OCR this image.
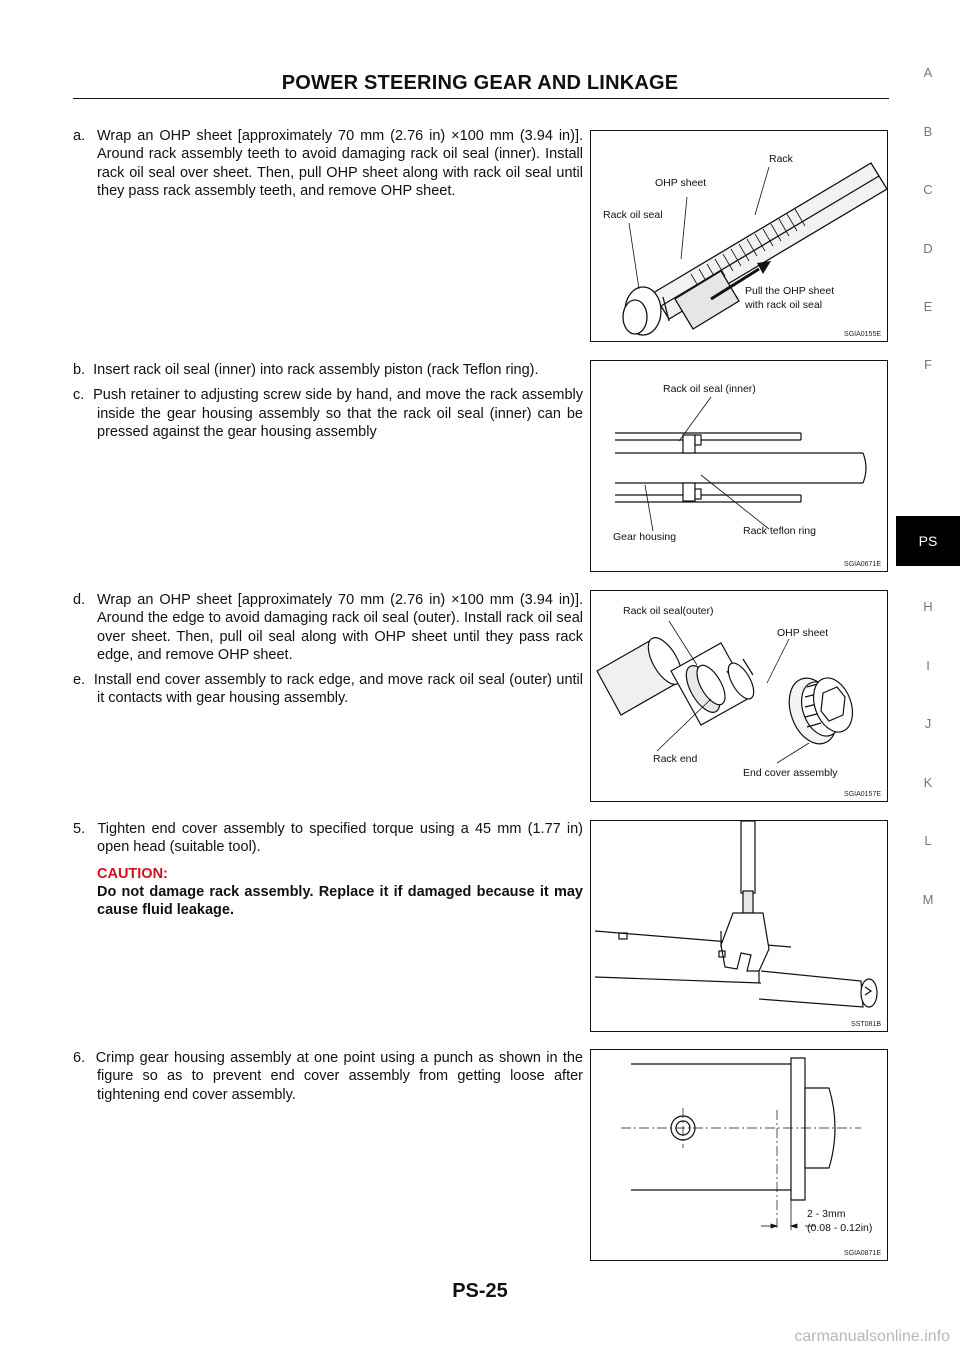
POWER STEERING GEAR AND LINKAGE	A
B
C
D
E
F
PS
H
I
J
K
L
M

a. Wrap an OHP sheet [approximately 70 mm (2.76 in) ×100 mm (3.94 in)]. Around rack assembly teeth to avoid damaging rack oil seal (inner). Install rack oil seal over sheet. Then, pull OHP sheet along with rack oil seal until they pass rack assembly teeth, and remove OHP sheet.

b. Insert rack oil seal (inner) into rack assembly piston (rack Teflon ring).

c. Push retainer to adjusting screw side by hand, and move the rack assembly inside the gear housing assembly so that the rack oil seal (inner) can be pressed against the gear housing assembly

d. Wrap an OHP sheet [approximately 70 mm (2.76 in) ×100 mm (3.94 in)]. Around the edge to avoid damaging rack oil seal (outer). Install rack oil seal over sheet. Then, pull oil seal along with OHP sheet until they pass rack edge, and remove OHP sheet.

e. Install end cover assembly to rack edge, and move rack oil seal (outer) until it contacts with gear housing assembly.

5. Tighten end cover assembly to specified torque using a 45 mm (1.77 in) open head (suitable tool).

CAUTION:
Do not damage rack assembly. Replace it if damaged because it may cause fluid leakage.

6. Crimp gear housing assembly at one point using a punch as shown in the figure so as to prevent end cover assembly from getting loose after tightening end cover assembly.

Rack
OHP sheet
Rack oil seal
Pull the OHP sheet
with rack oil seal
SGIA0155E
Rack oil seal (inner)
Gear housing	Rack teflon ring
SGIA0671E
Rack oil seal(outer)
OHP sheet
Rack end
End cover assembly
SGIA0157E
SST081B
2 - 3mm
(0.08 - 0.12in)
SGIA0871E
PS-25
carmanualsonline.info
